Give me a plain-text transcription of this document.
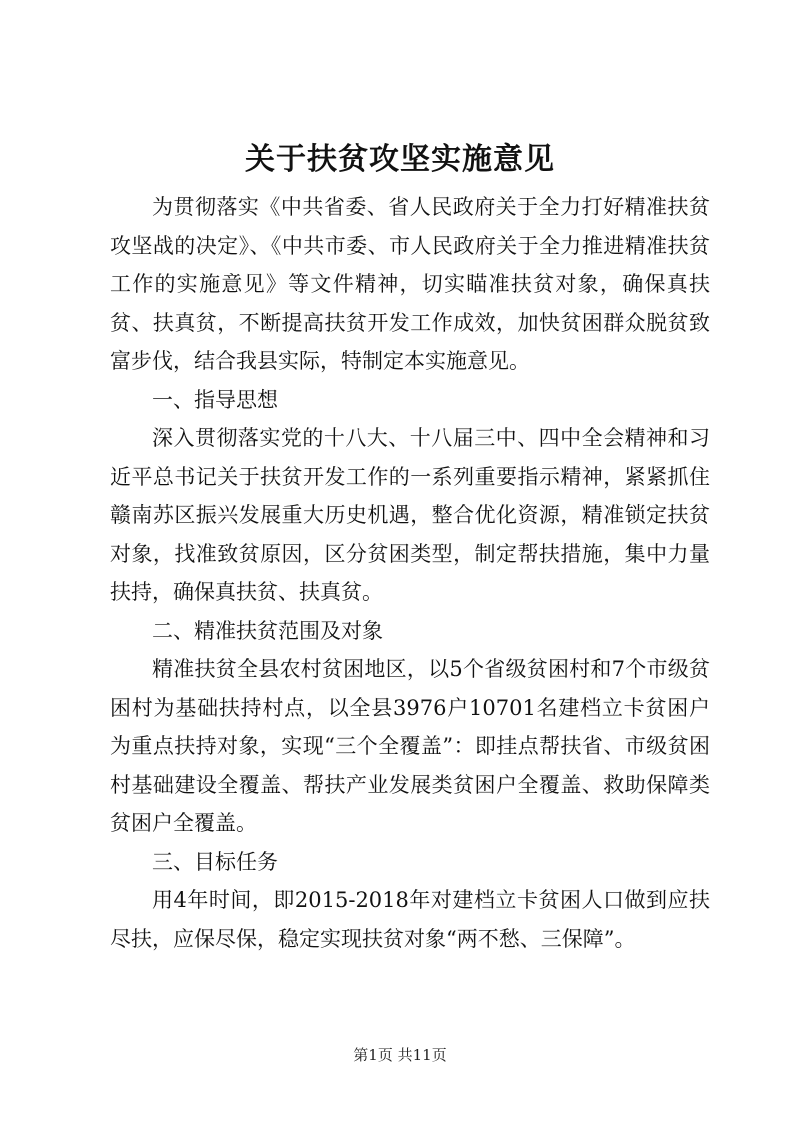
关于扶贫攻坚实施意见

为贯彻落实《中共省委、省人民政府关于全力打好精准扶贫攻坚战的决定》、《中共市委、市人民政府关于全力推进精准扶贫工作的实施意见》等文件精神，切实瞄准扶贫对象，确保真扶贫、扶真贫，不断提高扶贫开发工作成效，加快贫困群众脱贫致富步伐，结合我县实际，特制定本实施意见。

一、指导思想

深入贯彻落实党的十八大、十八届三中、四中全会精神和习近平总书记关于扶贫开发工作的一系列重要指示精神，紧紧抓住赣南苏区振兴发展重大历史机遇，整合优化资源，精准锁定扶贫对象，找准致贫原因，区分贫困类型，制定帮扶措施，集中力量扶持，确保真扶贫、扶真贫。

二、精准扶贫范围及对象

精准扶贫全县农村贫困地区，以5个省级贫困村和7个市级贫困村为基础扶持村点，以全县3976户10701名建档立卡贫困户为重点扶持对象，实现“三个全覆盖”：即挂点帮扶省、市级贫困村基础建设全覆盖、帮扶产业发展类贫困户全覆盖、救助保障类贫困户全覆盖。

三、目标任务

用4年时间，即2015-2018年对建档立卡贫困人口做到应扶尽扶，应保尽保，稳定实现扶贫对象“两不愁、三保障”。

第1页 共11页
